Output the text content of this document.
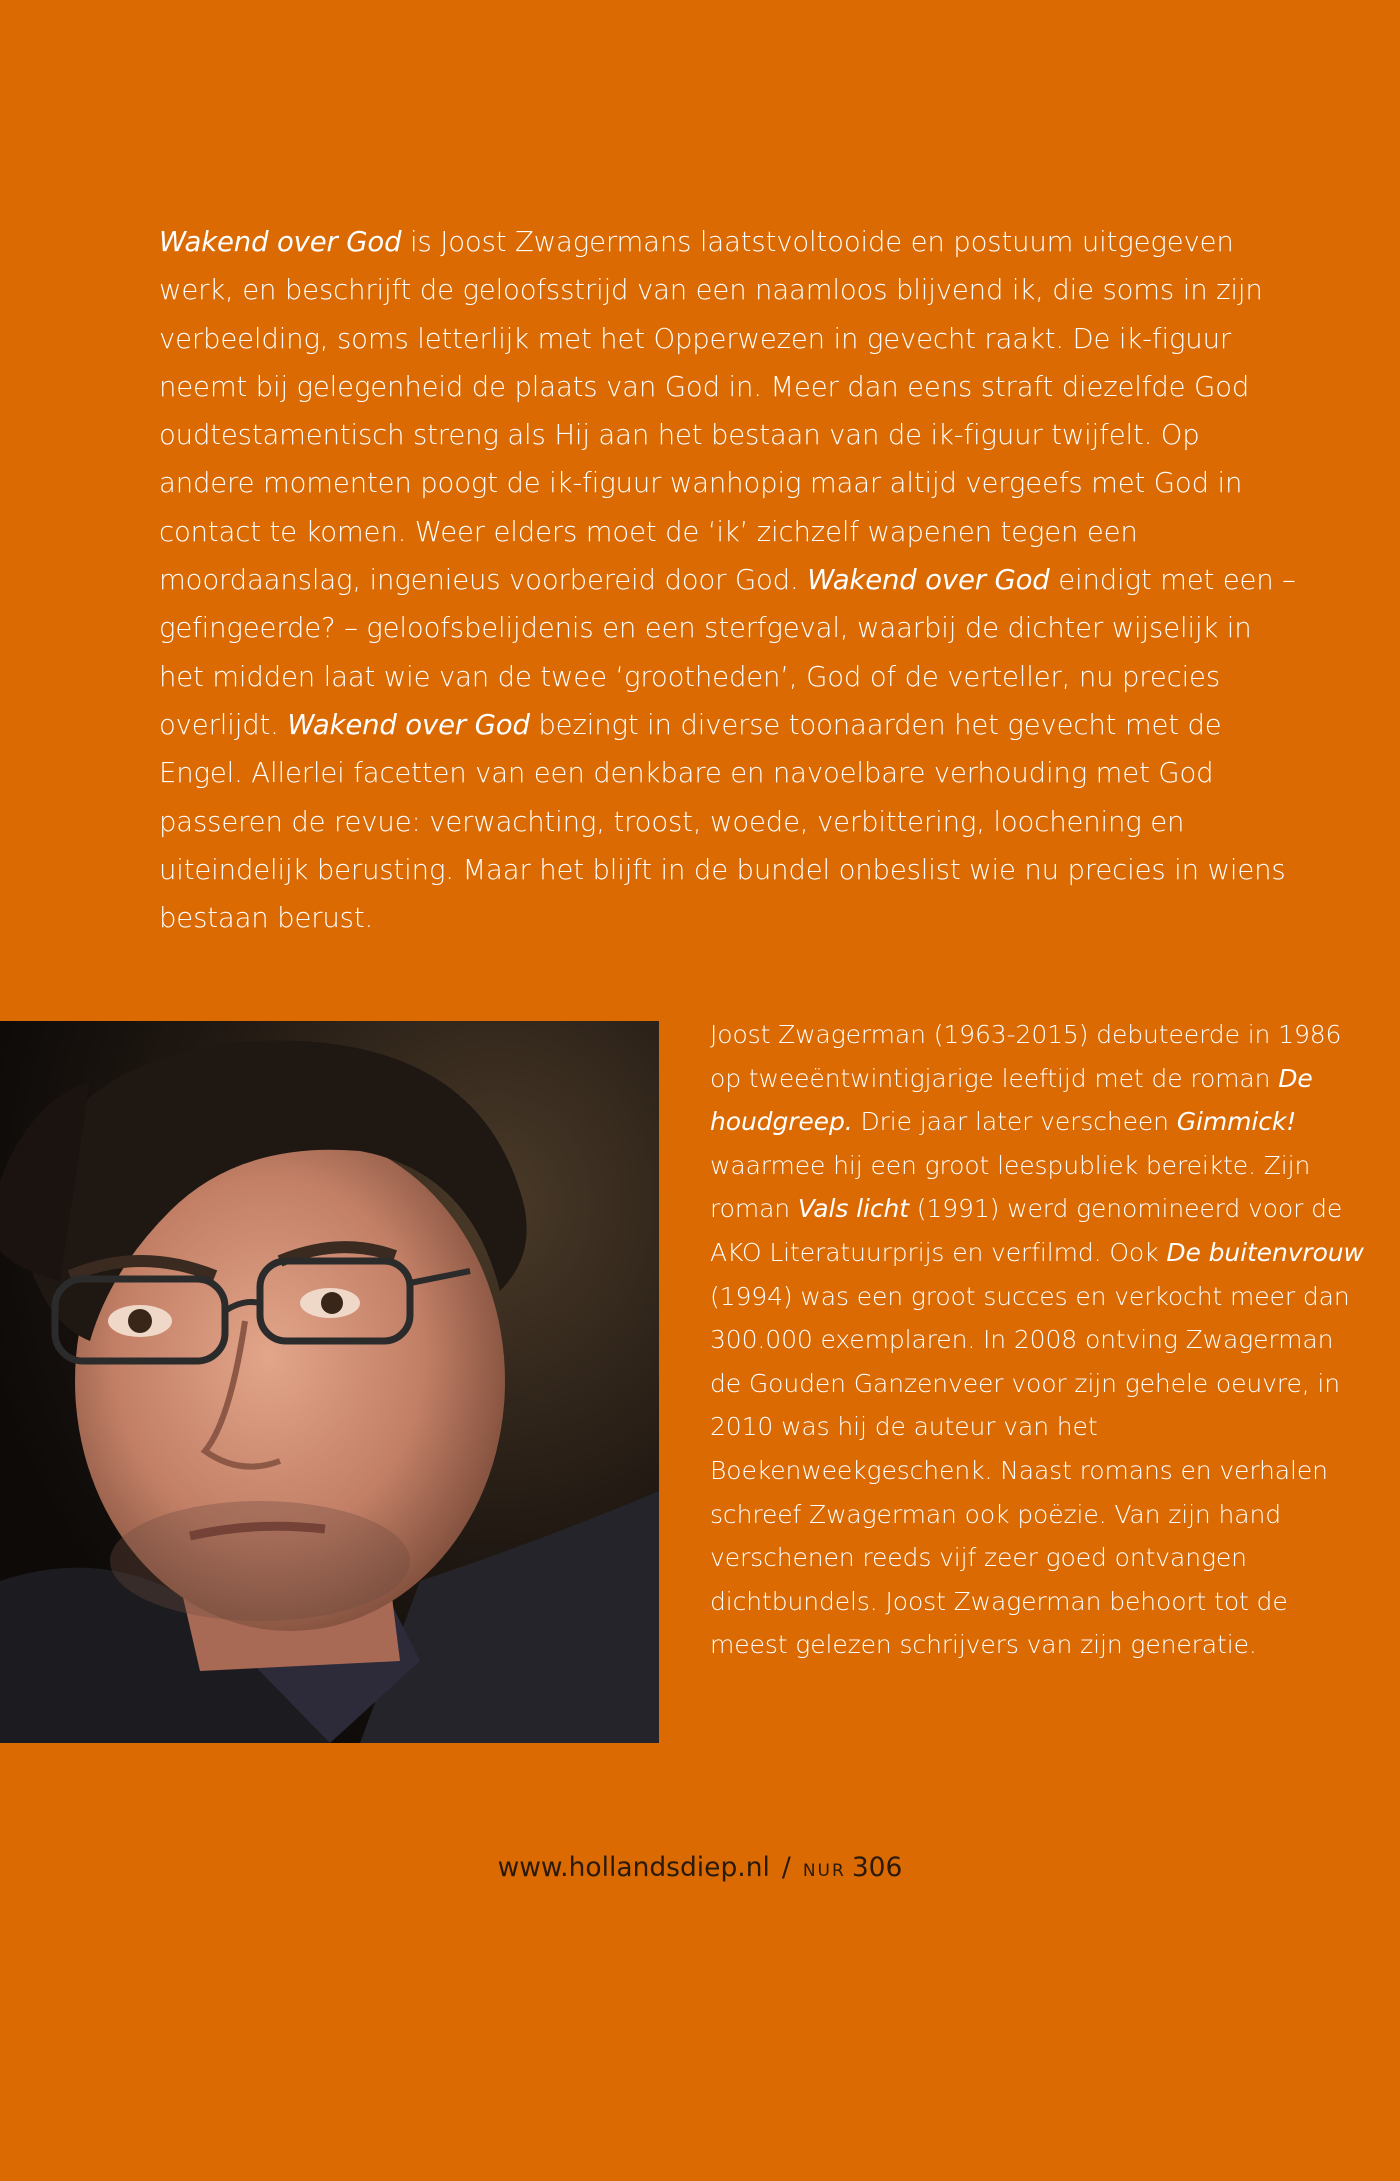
Wakend over God is Joost Zwagermans laatstvoltooide en postuum uitgegeven werk, en beschrijft de geloofsstrijd van een naamloos blijvend ik, die soms in zijn verbeelding, soms letterlijk met het Opperwezen in gevecht raakt. De ik-figuur neemt bij gelegenheid de plaats van God in. Meer dan eens straft diezelfde God oudtestamentisch streng als Hij aan het bestaan van de ik-figuur twijfelt. Op andere momenten poogt de ik-figuur wanhopig maar altijd vergeefs met God in contact te komen. Weer elders moet de ‘ik’ zichzelf wapenen tegen een moordaanslag, ingenieus voorbereid door God. Wakend over God eindigt met een – gefingeerde? – geloofsbelijdenis en een sterfgeval, waarbij de dichter wijselijk in het midden laat wie van de twee ‘grootheden’, God of de verteller, nu precies overlijdt. Wakend over God bezingt in diverse toonaarden het gevecht met de Engel. Allerlei facetten van een denkbare en navoelbare verhouding met God passeren de revue: verwachting, troost, woede, verbittering, loochening en uiteindelijk berusting. Maar het blijft in de bundel onbeslist wie nu precies in wiens bestaan berust.

Joost Zwagerman (1963-2015) debuteerde in 1986 op tweeëntwintigjarige leeftijd met de roman De houdgreep. Drie jaar later verscheen Gimmick! waarmee hij een groot leespubliek bereikte. Zijn roman Vals licht (1991) werd genomineerd voor de AKO Literatuurprijs en verfilmd. Ook De buitenvrouw (1994) was een groot succes en verkocht meer dan 300.000 exemplaren. In 2008 ontving Zwagerman de Gouden Ganzenveer voor zijn gehele oeuvre, in 2010 was hij de auteur van het Boekenweekgeschenk. Naast romans en verhalen schreef Zwagerman ook poëzie. Van zijn hand verschenen reeds vijf zeer goed ontvangen dichtbundels. Joost Zwagerman behoort tot de meest gelezen schrijvers van zijn generatie.

www.hollandsdiep.nl / NUR 306
